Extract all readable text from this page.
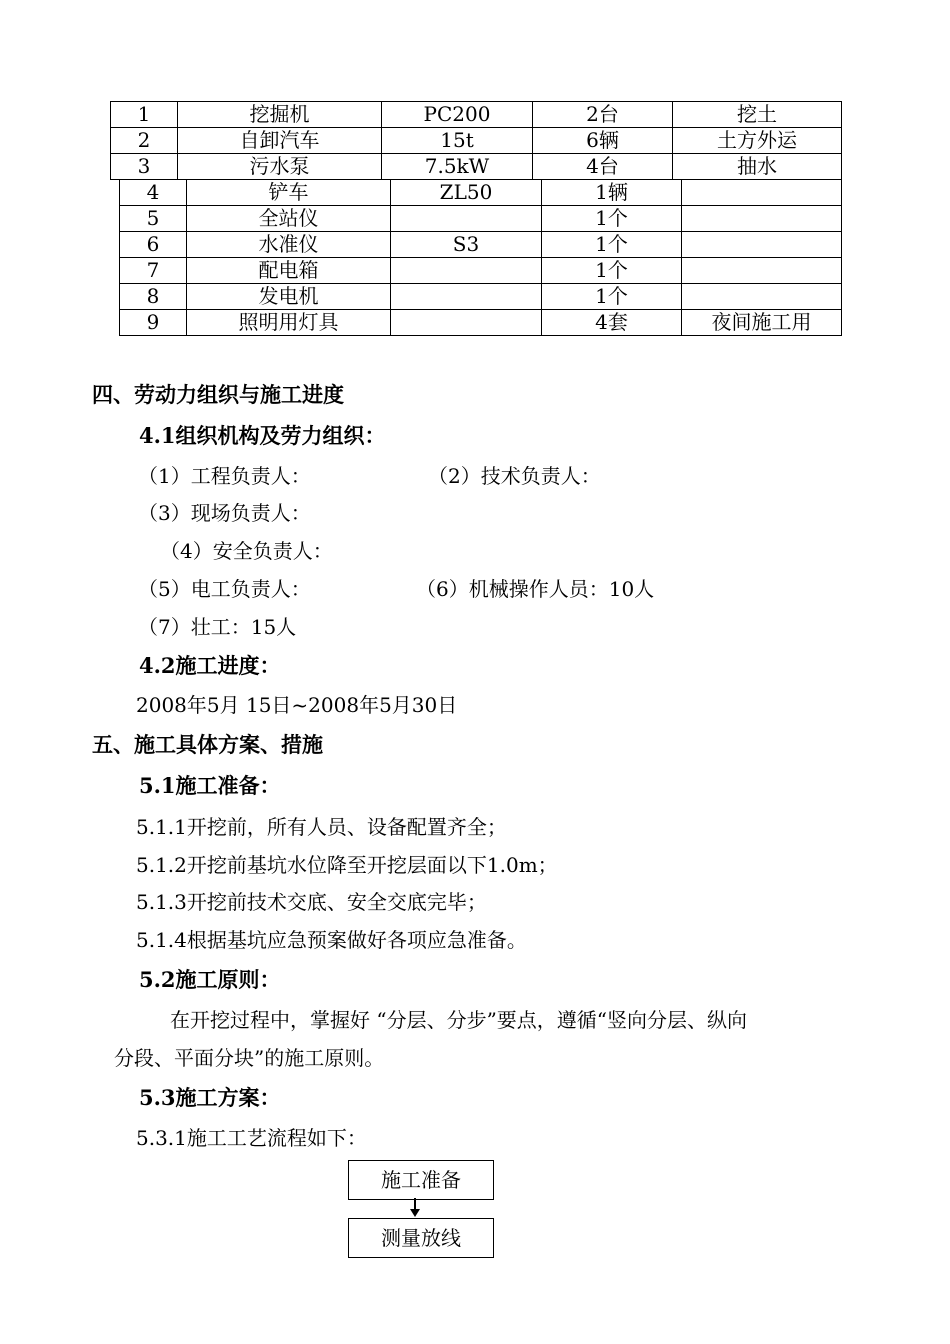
1	挖掘机	PC200	2台	挖土
2	自卸汽车	15t	6辆	土方外运
3	污水泵	7.5kW	4台	抽水
4	铲车	ZL50	1辆	
5	全站仪		1个	
6	水准仪	S3	1个	
7	配电箱		1个	
8	发电机		1个	
9	照明用灯具		4套	夜间施工用
四、劳动力组织与施工进度
4.1组织机构及劳力组织：
（1）工程负责人：	（2）技术负责人：
（3）现场负责人：
（4）安全负责人：
（5）电工负责人：	（6）机械操作人员：10人
（7）壮工：15人
4.2施工进度：
2008年5月 15日~2008年5月30日
五、施工具体方案、措施
5.1施工准备：
5.1.1开挖前，所有人员、设备配置齐全；
5.1.2开挖前基坑水位降至开挖层面以下1.0m；
5.1.3开挖前技术交底、安全交底完毕；
5.1.4根据基坑应急预案做好各项应急准备。
5.2施工原则：
在开挖过程中，掌握好 “分层、分步”要点，遵循“竖向分层、纵向
分段、平面分块”的施工原则。
5.3施工方案：
5.3.1施工工艺流程如下：
施工准备
测量放线
